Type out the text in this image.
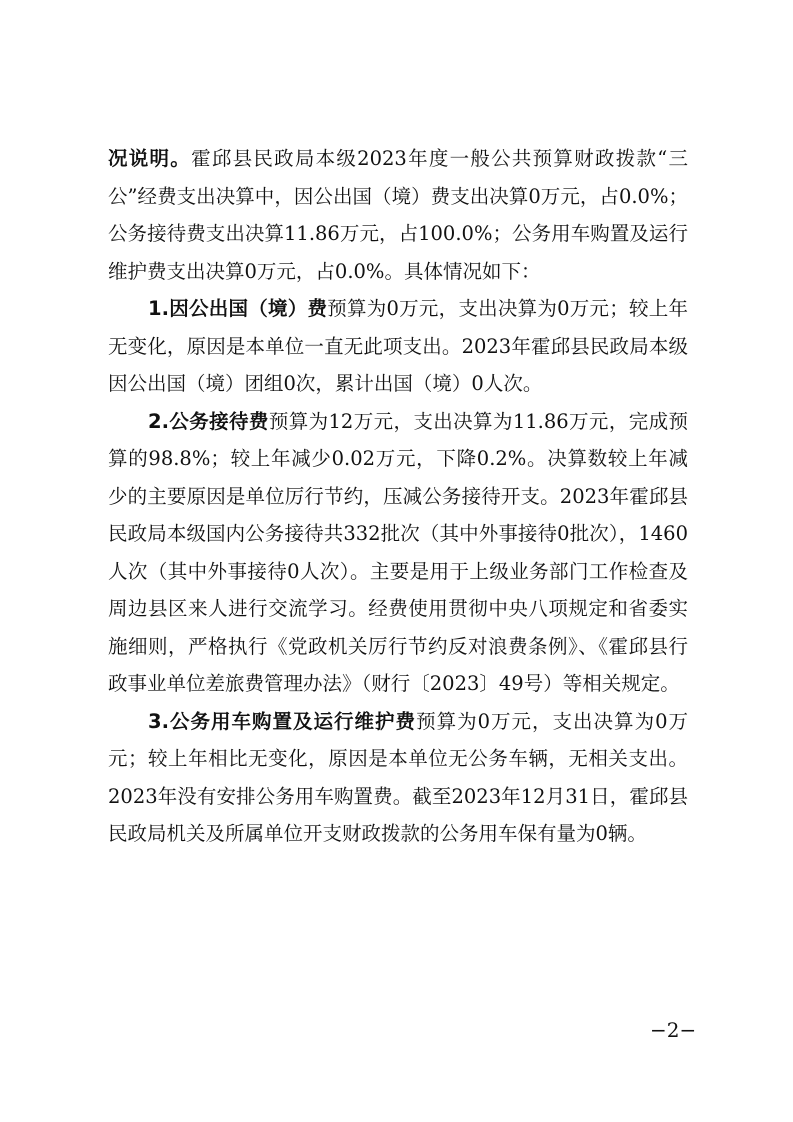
况说明。霍邱县民政局本级2023年度一般公共预算财政拨款“三公”经费支出决算中，因公出国（境）费支出决算0万元，占0.0%；公务接待费支出决算11.86万元，占100.0%；公务用车购置及运行维护费支出决算0万元，占0.0%。具体情况如下：

1.因公出国（境）费预算为0万元，支出决算为0万元；较上年无变化，原因是本单位一直无此项支出。2023年霍邱县民政局本级因公出国（境）团组0次，累计出国（境）0人次。

2.公务接待费预算为12万元，支出决算为11.86万元，完成预算的98.8%；较上年减少0.02万元，下降0.2%。决算数较上年减少的主要原因是单位厉行节约，压减公务接待开支。2023年霍邱县民政局本级国内公务接待共332批次（其中外事接待0批次），1460人次（其中外事接待0人次）。主要是用于上级业务部门工作检查及周边县区来人进行交流学习。经费使用贯彻中央八项规定和省委实施细则，严格执行《党政机关厉行节约反对浪费条例》、《霍邱县行政事业单位差旅费管理办法》（财行〔2023〕49号）等相关规定。

3.公务用车购置及运行维护费预算为0万元，支出决算为0万元；较上年相比无变化，原因是本单位无公务车辆，无相关支出。2023年没有安排公务用车购置费。截至2023年12月31日，霍邱县民政局机关及所属单位开支财政拨款的公务用车保有量为0辆。

−2−
